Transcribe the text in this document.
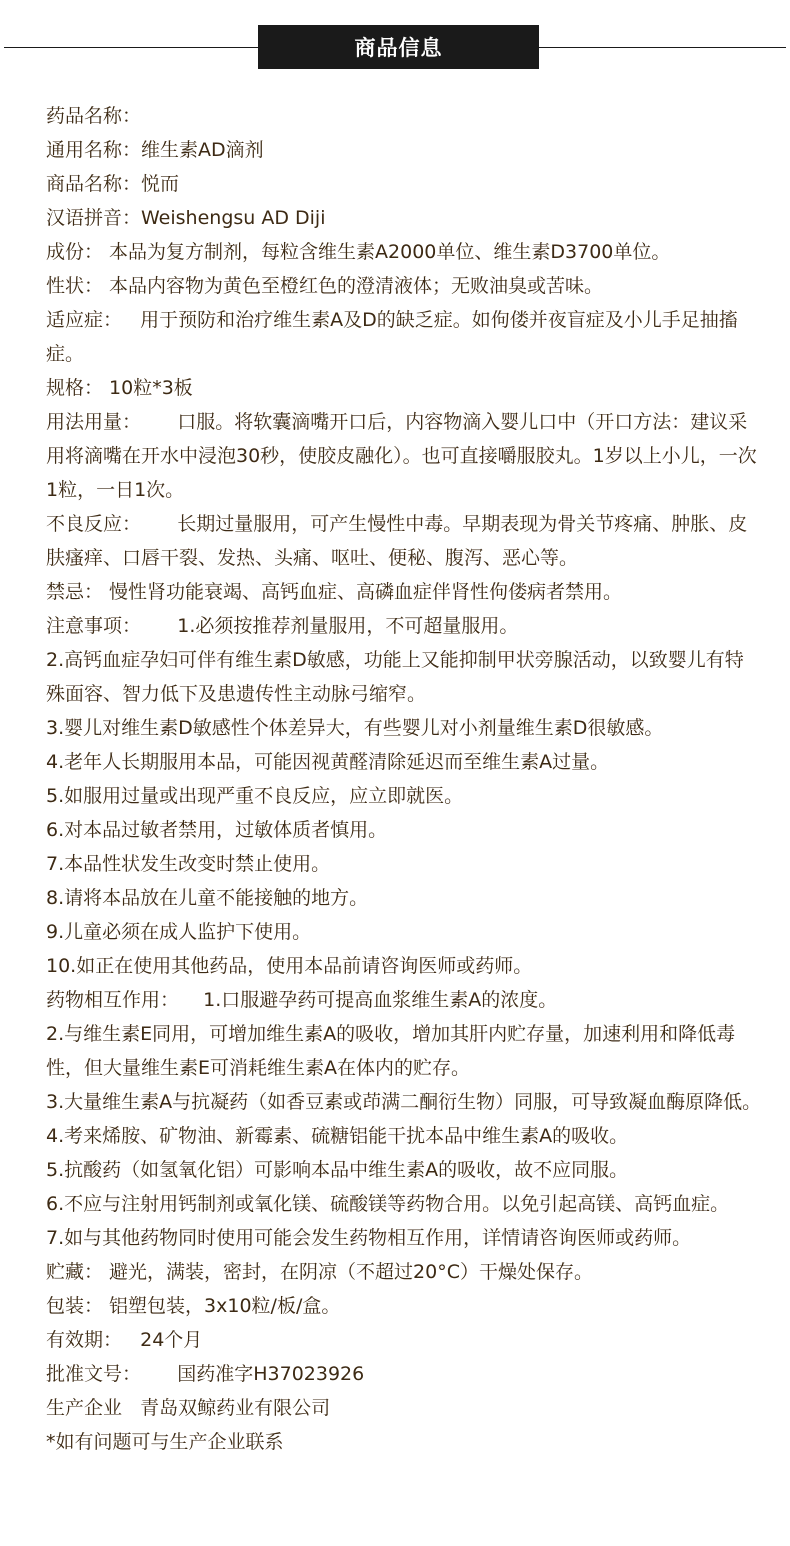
商品信息
药品名称：
通用名称：维生素AD滴剂
商品名称：悦而
汉语拼音：Weishengsu AD Diji
成份： 本品为复方制剂，每粒含维生素A2000单位、维生素D3700单位。
性状： 本品内容物为黄色至橙红色的澄清液体；无败油臭或苦味。
适应症：   用于预防和治疗维生素A及D的缺乏症。如佝偻并夜盲症及小儿手足抽搐症。
规格： 10粒*3板
用法用量：      口服。将软囊滴嘴开口后，内容物滴入婴儿口中（开口方法：建议采用将滴嘴在开水中浸泡30秒，使胶皮融化）。也可直接嚼服胶丸。1岁以上小儿，一次1粒，一日1次。
不良反应：      长期过量服用，可产生慢性中毒。早期表现为骨关节疼痛、肿胀、皮肤瘙痒、口唇干裂、发热、头痛、呕吐、便秘、腹泻、恶心等。
禁忌： 慢性肾功能衰竭、高钙血症、高磷血症伴肾性佝偻病者禁用。
注意事项：      1.必须按推荐剂量服用，不可超量服用。
2.高钙血症孕妇可伴有维生素D敏感，功能上又能抑制甲状旁腺活动，以致婴儿有特殊面容、智力低下及患遗传性主动脉弓缩窄。
3.婴儿对维生素D敏感性个体差异大，有些婴儿对小剂量维生素D很敏感。
4.老年人长期服用本品，可能因视黄醛清除延迟而至维生素A过量。
5.如服用过量或出现严重不良反应，应立即就医。
6.对本品过敏者禁用，过敏体质者慎用。
7.本品性状发生改变时禁止使用。
8.请将本品放在儿童不能接触的地方。
9.儿童必须在成人监护下使用。
10.如正在使用其他药品，使用本品前请咨询医师或药师。
药物相互作用：    1.口服避孕药可提高血浆维生素A的浓度。
2.与维生素E同用，可增加维生素A的吸收，增加其肝内贮存量，加速利用和降低毒性，但大量维生素E可消耗维生素A在体内的贮存。
3.大量维生素A与抗凝药（如香豆素或茚满二酮衍生物）同服，可导致凝血酶原降低。
4.考来烯胺、矿物油、新霉素、硫糖铝能干扰本品中维生素A的吸收。
5.抗酸药（如氢氧化铝）可影响本品中维生素A的吸收，故不应同服。
6.不应与注射用钙制剂或氧化镁、硫酸镁等药物合用。以免引起高镁、高钙血症。
7.如与其他药物同时使用可能会发生药物相互作用，详情请咨询医师或药师。
贮藏： 避光，满装，密封，在阴凉（不超过20°C）干燥处保存。
包装： 铝塑包装，3x10粒/板/盒。
有效期：   24个月
批准文号：      国药准字H37023926
生产企业   青岛双鲸药业有限公司
*如有问题可与生产企业联系
